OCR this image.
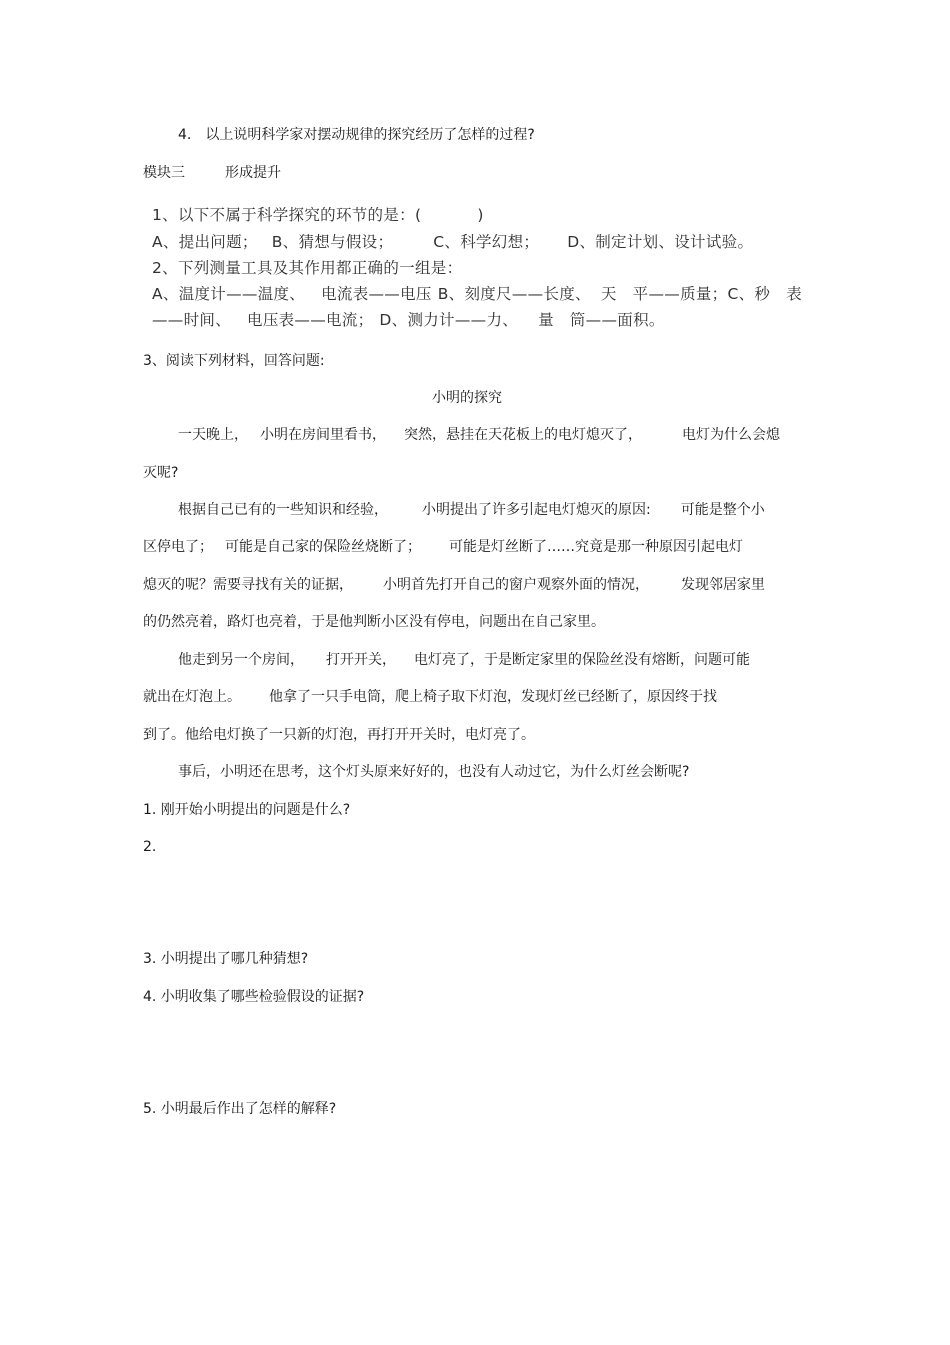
4. 以上说明科学家对摆动规律的探究经历了怎样的过程?
模块三	形成提升
1、以下不属于科学探究的环节的是：(	)
A、提出问题； B、猜想与假设；	C、科学幻想； D、制定计划、设计试验。
2、下列测量工具及其作用都正确的一组是：
A、温度计——温度、 电流表——电压 B、刻度尺——长度、 天 平——质量；C、秒 表
——时间、 电压表——电流； D、测力计——力、 量 筒——面积。
3、阅读下列材料，回答问题:
小明的探究
一天晚上， 小明在房间里看书， 突然，悬挂在天花板上的电灯熄灭了，	电灯为什么会熄
灭呢?
根据自己已有的一些知识和经验， 小明提出了许多引起电灯熄灭的原因: 可能是整个小
区停电了； 可能是自己家的保险丝烧断了； 可能是灯丝断了……究竟是那一种原因引起电灯
熄灭的呢？需要寻找有关的证据， 小明首先打开自己的窗户观察外面的情况， 发现邻居家里
的仍然亮着，路灯也亮着，于是他判断小区没有停电，问题出在自己家里。
他走到另一个房间， 打开开关， 电灯亮了，于是断定家里的保险丝没有熔断，问题可能
就出在灯泡上。 他拿了一只手电筒，爬上椅子取下灯泡，发现灯丝已经断了，原因终于找
到了。他给电灯换了一只新的灯泡，再打开开关时，电灯亮了。
事后，小明还在思考，这个灯头原来好好的，也没有人动过它，为什么灯丝会断呢?
1. 刚开始小明提出的问题是什么?
2.
3. 小明提出了哪几种猜想?
4. 小明收集了哪些检验假设的证据?
5. 小明最后作出了怎样的解释?
